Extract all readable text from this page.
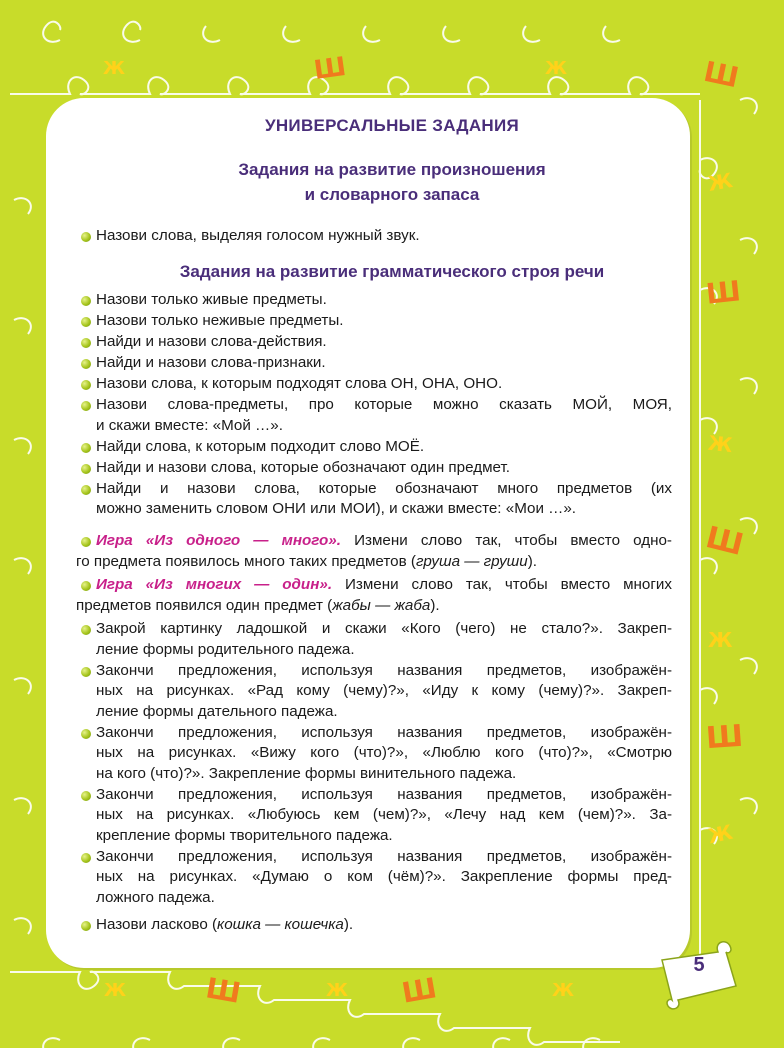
Ж	Ш	Ж	Ш
Ж
Ш
Ж
Ш
Ж
Ш
Ж
Ж	Ш	Ж Ш	Ж
УНИВЕРСАЛЬНЫЕ ЗАДАНИЯ
Задания на развитие произношения
и словарного запаса
Назови слова, выделяя голосом нужный звук.
Задания на развитие грамматического строя речи
Назови только живые предметы.
Назови только неживые предметы.
Найди и назови слова-действия.
Найди и назови слова-признаки.
Назови слова, к которым подходят слова ОН, ОНА, ОНО.
Назови слова-предметы, про которые можно сказать МОЙ, МОЯ,
и скажи вместе: «Мой …».
Найди слова, к которым подходит слово МОЁ.
Найди и назови слова, которые обозначают один предмет.
Найди и назови слова, которые обозначают много предметов (их
можно заменить словом ОНИ или МОИ), и скажи вместе: «Мои …».
Игра «Из одного — много». Измени слово так, чтобы вместо одно-
го предмета появилось много таких предметов (груша — груши).
Игра «Из многих — один». Измени слово так, чтобы вместо многих
предметов появился один предмет (жабы — жаба).
Закрой картинку ладошкой и скажи «Кого (чего) не стало?». Закреп-
ление формы родительного падежа.
Закончи предложения, используя названия предметов, изображён-
ных на рисунках. «Рад кому (чему)?», «Иду к кому (чему)?». Закреп-
ление формы дательного падежа.
Закончи предложения, используя названия предметов, изображён-
ных на рисунках. «Вижу кого (что)?», «Люблю кого (что)?», «Смотрю
на кого (что)?». Закрепление формы винительного падежа.
Закончи предложения, используя названия предметов, изображён-
ных на рисунках. «Любуюсь кем (чем)?», «Лечу над кем (чем)?». За-
крепление формы творительного падежа.
Закончи предложения, используя названия предметов, изображён-
ных на рисунках. «Думаю о ком (чём)?». Закрепление формы пред-
ложного падежа.
Назови ласково (кошка — кошечка).
5
